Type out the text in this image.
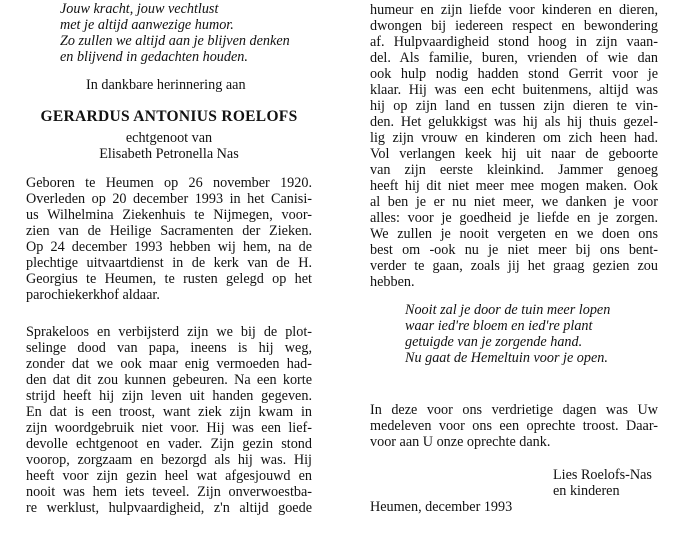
Jouw kracht, jouw vechtlust
met je altijd aanwezige humor.
Zo zullen we altijd aan je blijven denken
en blijvend in gedachten houden.
In dankbare herinnering aan
GERARDUS ANTONIUS ROELOFS
echtgenoot van
Elisabeth Petronella Nas
Geboren te Heumen op 26 november 1920.
Overleden op 20 december 1993 in het Canisi-
us Wilhelmina Ziekenhuis te Nijmegen, voor-
zien van de Heilige Sacramenten der Zieken.
Op 24 december 1993 hebben wij hem, na de
plechtige uitvaartdienst in de kerk van de H.
Georgius te Heumen, te rusten gelegd op het
parochiekerkhof aldaar.
Sprakeloos en verbijsterd zijn we bij de plot-
selinge dood van papa, ineens is hij weg,
zonder dat we ook maar enig vermoeden had-
den dat dit zou kunnen gebeuren. Na een korte
strijd heeft hij zijn leven uit handen gegeven.
En dat is een troost, want ziek zijn kwam in
zijn woordgebruik niet voor. Hij was een lief-
devolle echtgenoot en vader. Zijn gezin stond
voorop, zorgzaam en bezorgd als hij was. Hij
heeft voor zijn gezin heel wat afgesjouwd en
nooit was hem iets teveel. Zijn onverwoestba-
re werklust, hulpvaardigheid, z'n altijd goede
humeur en zijn liefde voor kinderen en dieren,
dwongen bij iedereen respect en bewondering
af. Hulpvaardigheid stond hoog in zijn vaan-
del. Als familie, buren, vrienden of wie dan
ook hulp nodig hadden stond Gerrit voor je
klaar. Hij was een echt buitenmens, altijd was
hij op zijn land en tussen zijn dieren te vin-
den. Het gelukkigst was hij als hij thuis gezel-
lig zijn vrouw en kinderen om zich heen had.
Vol verlangen keek hij uit naar de geboorte
van zijn eerste kleinkind. Jammer genoeg
heeft hij dit niet meer mee mogen maken. Ook
al ben je er nu niet meer, we danken je voor
alles: voor je goedheid je liefde en je zorgen.
We zullen je nooit vergeten en we doen ons
best om -ook nu je niet meer bij ons bent-
verder te gaan, zoals jij het graag gezien zou
hebben.
Nooit zal je door de tuin meer lopen
waar ied're bloem en ied're plant
getuigde van je zorgende hand.
Nu gaat de Hemeltuin voor je open.
In deze voor ons verdrietige dagen was Uw
medeleven voor ons een oprechte troost. Daar-
voor aan U onze oprechte dank.
Lies Roelofs-Nas
en kinderen
Heumen, december 1993
